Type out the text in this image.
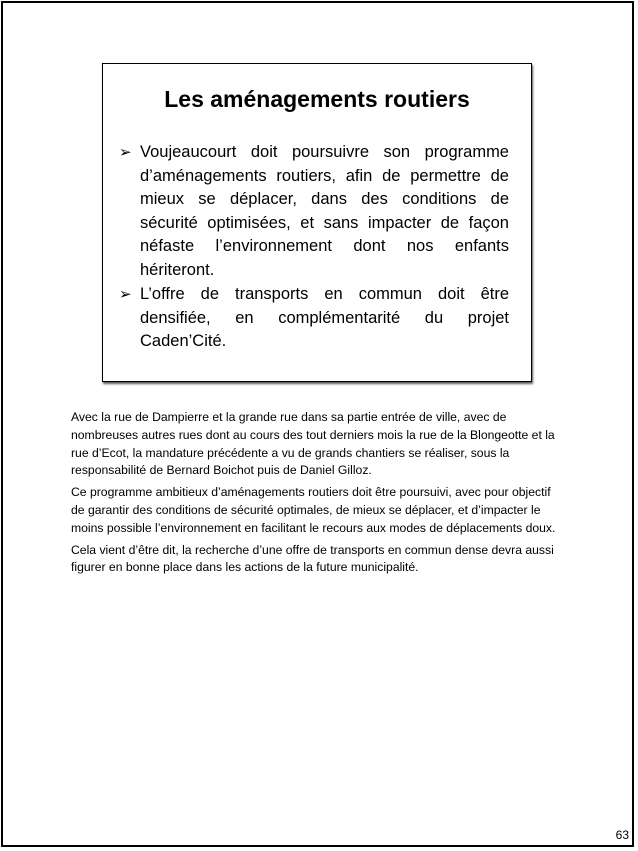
Les aménagements routiers
➢ Voujeaucourt doit poursuivre son programme d’aménagements routiers, afin de permettre de mieux se déplacer, dans des conditions de sécurité optimisées, et sans impacter de façon néfaste l’environnement dont nos enfants hériteront.
➢ L’offre de transports en commun doit être densifiée, en complémentarité du projet Caden’Cité.

Avec la rue de Dampierre et la grande rue dans sa partie entrée de ville, avec de nombreuses autres rues dont au cours des tout derniers mois la rue de la Blongeotte et la rue d’Ecot, la mandature précédente a vu de grands chantiers se réaliser, sous la responsabilité de Bernard Boichot puis de Daniel Gilloz.

Ce programme ambitieux d’aménagements routiers doit être poursuivi, avec pour objectif de garantir des conditions de sécurité optimales, de mieux se déplacer, et d’impacter le moins possible l’environnement en facilitant le recours aux modes de déplacements doux.

Cela vient d’être dit, la recherche d’une offre de transports en commun dense devra aussi figurer en bonne place dans les actions de la future municipalité.

63
